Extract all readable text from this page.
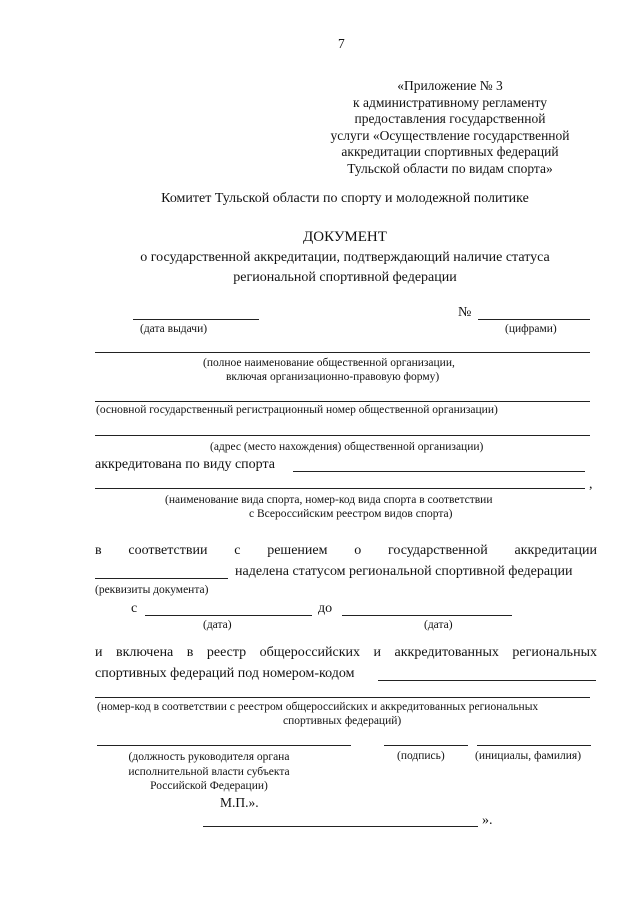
7
«Приложение № 3
к административному регламенту
предоставления государственной
услуги «Осуществление государственной
аккредитации спортивных федераций
Тульской области по видам спорта»
Комитет Тульской области по спорту и молодежной политике
ДОКУМЕНТ
о государственной аккредитации, подтверждающий наличие статуса
региональной спортивной федерации
(дата выдачи)
№
(цифрами)
(полное наименование общественной организации,
включая организационно-правовую форму)
(основной государственный регистрационный номер общественной организации)
(адрес (место нахождения) общественной организации)
аккредитована по виду спорта
,
(наименование вида спорта, номер-код вида спорта в соответствии
с Всероссийским реестром видов спорта)
в соответствии с решением о государственной аккредитации
наделена статусом региональной спортивной федерации
(реквизиты документа)
с
(дата)
до
(дата)
и включена в реестр общероссийских и аккредитованных региональных
спортивных федераций под номером-кодом
(номер-код в соответствии с реестром общероссийских и аккредитованных региональных
спортивных федераций)
(должность руководителя органа
исполнительной власти субъекта
Российской Федерации)
(подпись)	(инициалы, фамилия)
М.П.».
».
